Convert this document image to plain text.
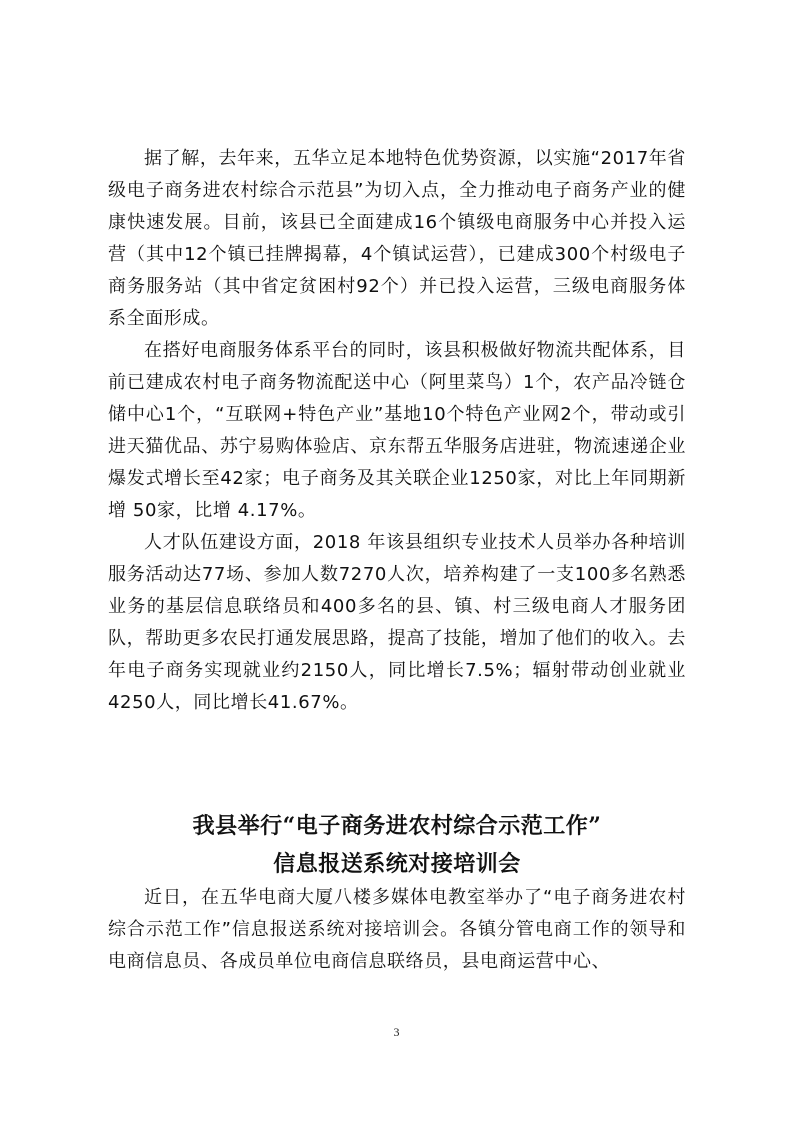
据了解，去年来，五华立足本地特色优势资源，以实施“2017年省级电子商务进农村综合示范县”为切入点，全力推动电子商务产业的健康快速发展。目前，该县已全面建成16个镇级电商服务中心并投入运营（其中12个镇已挂牌揭幕，4个镇试运营），已建成300个村级电子商务服务站（其中省定贫困村92个）并已投入运营，三级电商服务体系全面形成。

在搭好电商服务体系平台的同时，该县积极做好物流共配体系，目前已建成农村电子商务物流配送中心（阿里菜鸟）1个，农产品冷链仓储中心1个，“互联网+特色产业”基地10个特色产业网2个，带动或引进天猫优品、苏宁易购体验店、京东帮五华服务店进驻，物流速递企业爆发式增长至42家；电子商务及其关联企业1250家，对比上年同期新增 50家，比增 4.17%。

人才队伍建设方面，2018 年该县组织专业技术人员举办各种培训服务活动达77场、参加人数7270人次，培养构建了一支100多名熟悉业务的基层信息联络员和400多名的县、镇、村三级电商人才服务团队，帮助更多农民打通发展思路，提高了技能，增加了他们的收入。去年电子商务实现就业约2150人，同比增长7.5%；辐射带动创业就业4250人，同比增长41.67%。

我县举行“电子商务进农村综合示范工作”
信息报送系统对接培训会

近日，在五华电商大厦八楼多媒体电教室举办了“电子商务进农村综合示范工作”信息报送系统对接培训会。各镇分管电商工作的领导和电商信息员、各成员单位电商信息联络员，县电商运营中心、

3
